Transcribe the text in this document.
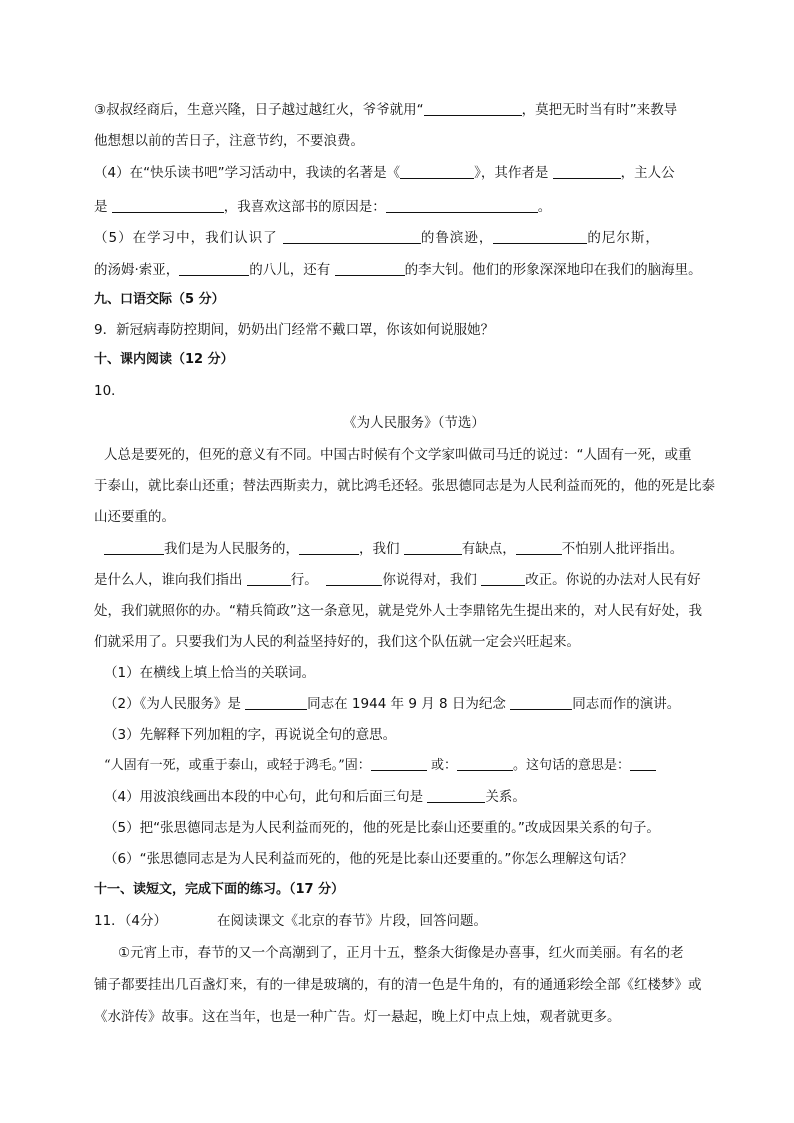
③叔叔经商后，生意兴隆，日子越过越红火，爷爷就用“	，莫把无时当有时”来教导
他想想以前的苦日子，注意节约，不要浪费。
（4）在“快乐读书吧”学习活动中，我读的名著是《	》，其作者是	，主人公
是	，我喜欢这部书的原因是：	。
（5）在学习中，我们认识了	的鲁滨逊，	的尼尔斯，
的汤姆·索亚，	的八儿，还有	的李大钊。他们的形象深深地印在我们的脑海里。
九、口语交际（5 分）
9．新冠病毒防控期间，奶奶出门经常不戴口罩，你该如何说服她？
十、课内阅读（12 分）
10．
《为人民服务》（节选）
人总是要死的，但死的意义有不同。中国古时候有个文学家叫做司马迁的说过：“人固有一死，或重
于泰山，就比泰山还重；替法西斯卖力，就比鸿毛还轻。张思德同志是为人民利益而死的，他的死是比泰
山还要重的。
我们是为人民服务的，	，我们	有缺点，	不怕别人批评指出。
是什么人，谁向我们指出	行。	你说得对，我们	改正。你说的办法对人民有好
处，我们就照你的办。“精兵简政”这一条意见，就是党外人士李鼎铭先生提出来的，对人民有好处，我
们就采用了。只要我们为人民的利益坚持好的，我们这个队伍就一定会兴旺起来。
（1）在横线上填上恰当的关联词。
（2）《为人民服务》是	同志在 1944 年 9 月 8 日为纪念	同志而作的演讲。
（3）先解释下列加粗的字，再说说全句的意思。
“人固有一死，或重于泰山，或轻于鸿毛。”固：	或：	。这句话的意思是：
（4）用波浪线画出本段的中心句，此句和后面三句是	关系。
（5）把“张思德同志是为人民利益而死的，他的死是比泰山还要重的。”改成因果关系的句子。
（6）“张思德同志是为人民利益而死的，他的死是比泰山还要重的。”你怎么理解这句话？
十一、读短文，完成下面的练习。（17 分）
11．（4分）	在阅读课文《北京的春节》片段，回答问题。
①元宵上市，春节的又一个高潮到了，正月十五，整条大街像是办喜事，红火而美丽。有名的老
铺子都要挂出几百盏灯来，有的一律是玻璃的，有的清一色是牛角的，有的通通彩绘全部《红楼梦》或
《水浒传》故事。这在当年，也是一种广告。灯一悬起，晚上灯中点上烛，观者就更多。
